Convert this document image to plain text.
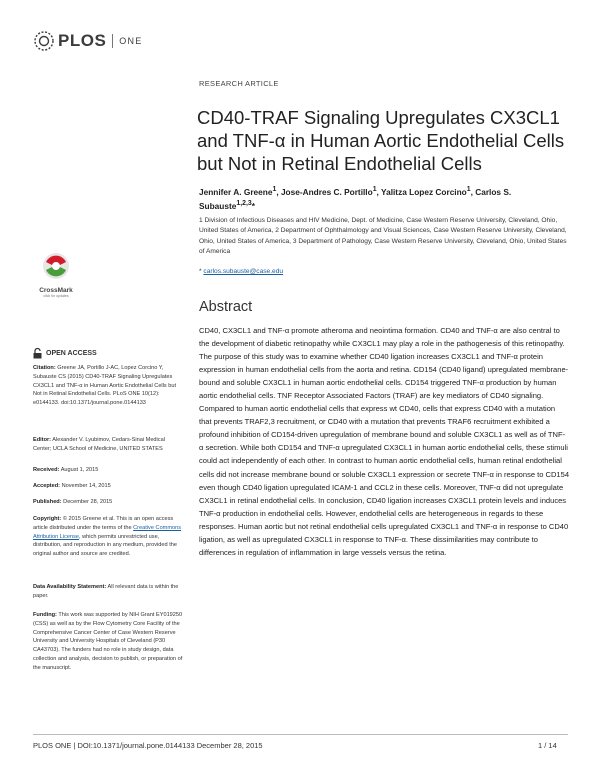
PLOS ONE
RESEARCH ARTICLE
CD40-TRAF Signaling Upregulates CX3CL1 and TNF-α in Human Aortic Endothelial Cells but Not in Retinal Endothelial Cells
Jennifer A. Greene$^1$, Jose-Andres C. Portillo$^1$, Yalitza Lopez Corcino$^1$, Carlos S. Subauste$^{1,2,3}$*
1 Division of Infectious Diseases and HIV Medicine, Dept. of Medicine, Case Western Reserve University, Cleveland, Ohio, United States of America, 2 Department of Ophthalmology and Visual Sciences, Case Western Reserve University, Cleveland, Ohio, United States of America, 3 Department of Pathology, Case Western Reserve University, Cleveland, Ohio, United States of America
* carlos.subauste@case.edu
CrossMark
click for updates
OPEN ACCESS
Citation: Greene JA, Portillo J-AC, Lopez Corcino Y, Subauste CS (2015) CD40-TRAF Signaling Upregulates CX3CL1 and TNF-α in Human Aortic Endothelial Cells but Not in Retinal Endothelial Cells. PLoS ONE 10(12): e0144133. doi:10.1371/journal.pone.0144133
Editor: Alexander V. Lyubimov, Cedars-Sinai Medical Center; UCLA School of Medicine, UNITED STATES
Received: August 1, 2015
Accepted: November 14, 2015
Published: December 28, 2015
Copyright: © 2015 Greene et al. This is an open access article distributed under the terms of the Creative Commons Attribution License, which permits unrestricted use, distribution, and reproduction in any medium, provided the original author and source are credited.
Data Availability Statement: All relevant data is within the paper.
Funding: This work was supported by NIH Grant EY019250 (CSS) as well as by the Flow Cytometry Core Facility of the Comprehensive Cancer Center of Case Western Reserve University and University Hospitals of Cleveland (P30 CA43703). The funders had no role in study design, data collection and analysis, decision to publish, or preparation of the manuscript.
Abstract
CD40, CX3CL1 and TNF-α promote atheroma and neointima formation. CD40 and TNF-α are also central to the development of diabetic retinopathy while CX3CL1 may play a role in the pathogenesis of this retinopathy. The purpose of this study was to examine whether CD40 ligation increases CX3CL1 and TNF-α protein expression in human endothelial cells from the aorta and retina. CD154 (CD40 ligand) upregulated membrane-bound and soluble CX3CL1 in human aortic endothelial cells. CD154 triggered TNF-α production by human aortic endothelial cells. TNF Receptor Associated Factors (TRAF) are key mediators of CD40 signaling. Compared to human aortic endothelial cells that express wt CD40, cells that express CD40 with a mutation that prevents TRAF2,3 recruitment, or CD40 with a mutation that prevents TRAF6 recruitment exhibited a profound inhibition of CD154-driven upregulation of membrane bound and soluble CX3CL1 as well as of TNF-α secretion. While both CD154 and TNF-α upregulated CX3CL1 in human aortic endothelial cells, these stimuli could act independently of each other. In contrast to human aortic endothelial cells, human retinal endothelial cells did not increase membrane bound or soluble CX3CL1 expression or secrete TNF-α in response to CD154 even though CD40 ligation upregulated ICAM-1 and CCL2 in these cells. Moreover, TNF-α did not upregulate CX3CL1 in retinal endothelial cells. In conclusion, CD40 ligation increases CX3CL1 protein levels and induces TNF-α production in endothelial cells. However, endothelial cells are heterogeneous in regards to these responses. Human aortic but not retinal endothelial cells upregulated CX3CL1 and TNF-α in response to CD40 ligation, as well as upregulated CX3CL1 in response to TNF-α. These dissimilarities may contribute to differences in regulation of inflammation in large vessels versus the retina.
PLOS ONE | DOI:10.1371/journal.pone.0144133 December 28, 2015	1 / 14
